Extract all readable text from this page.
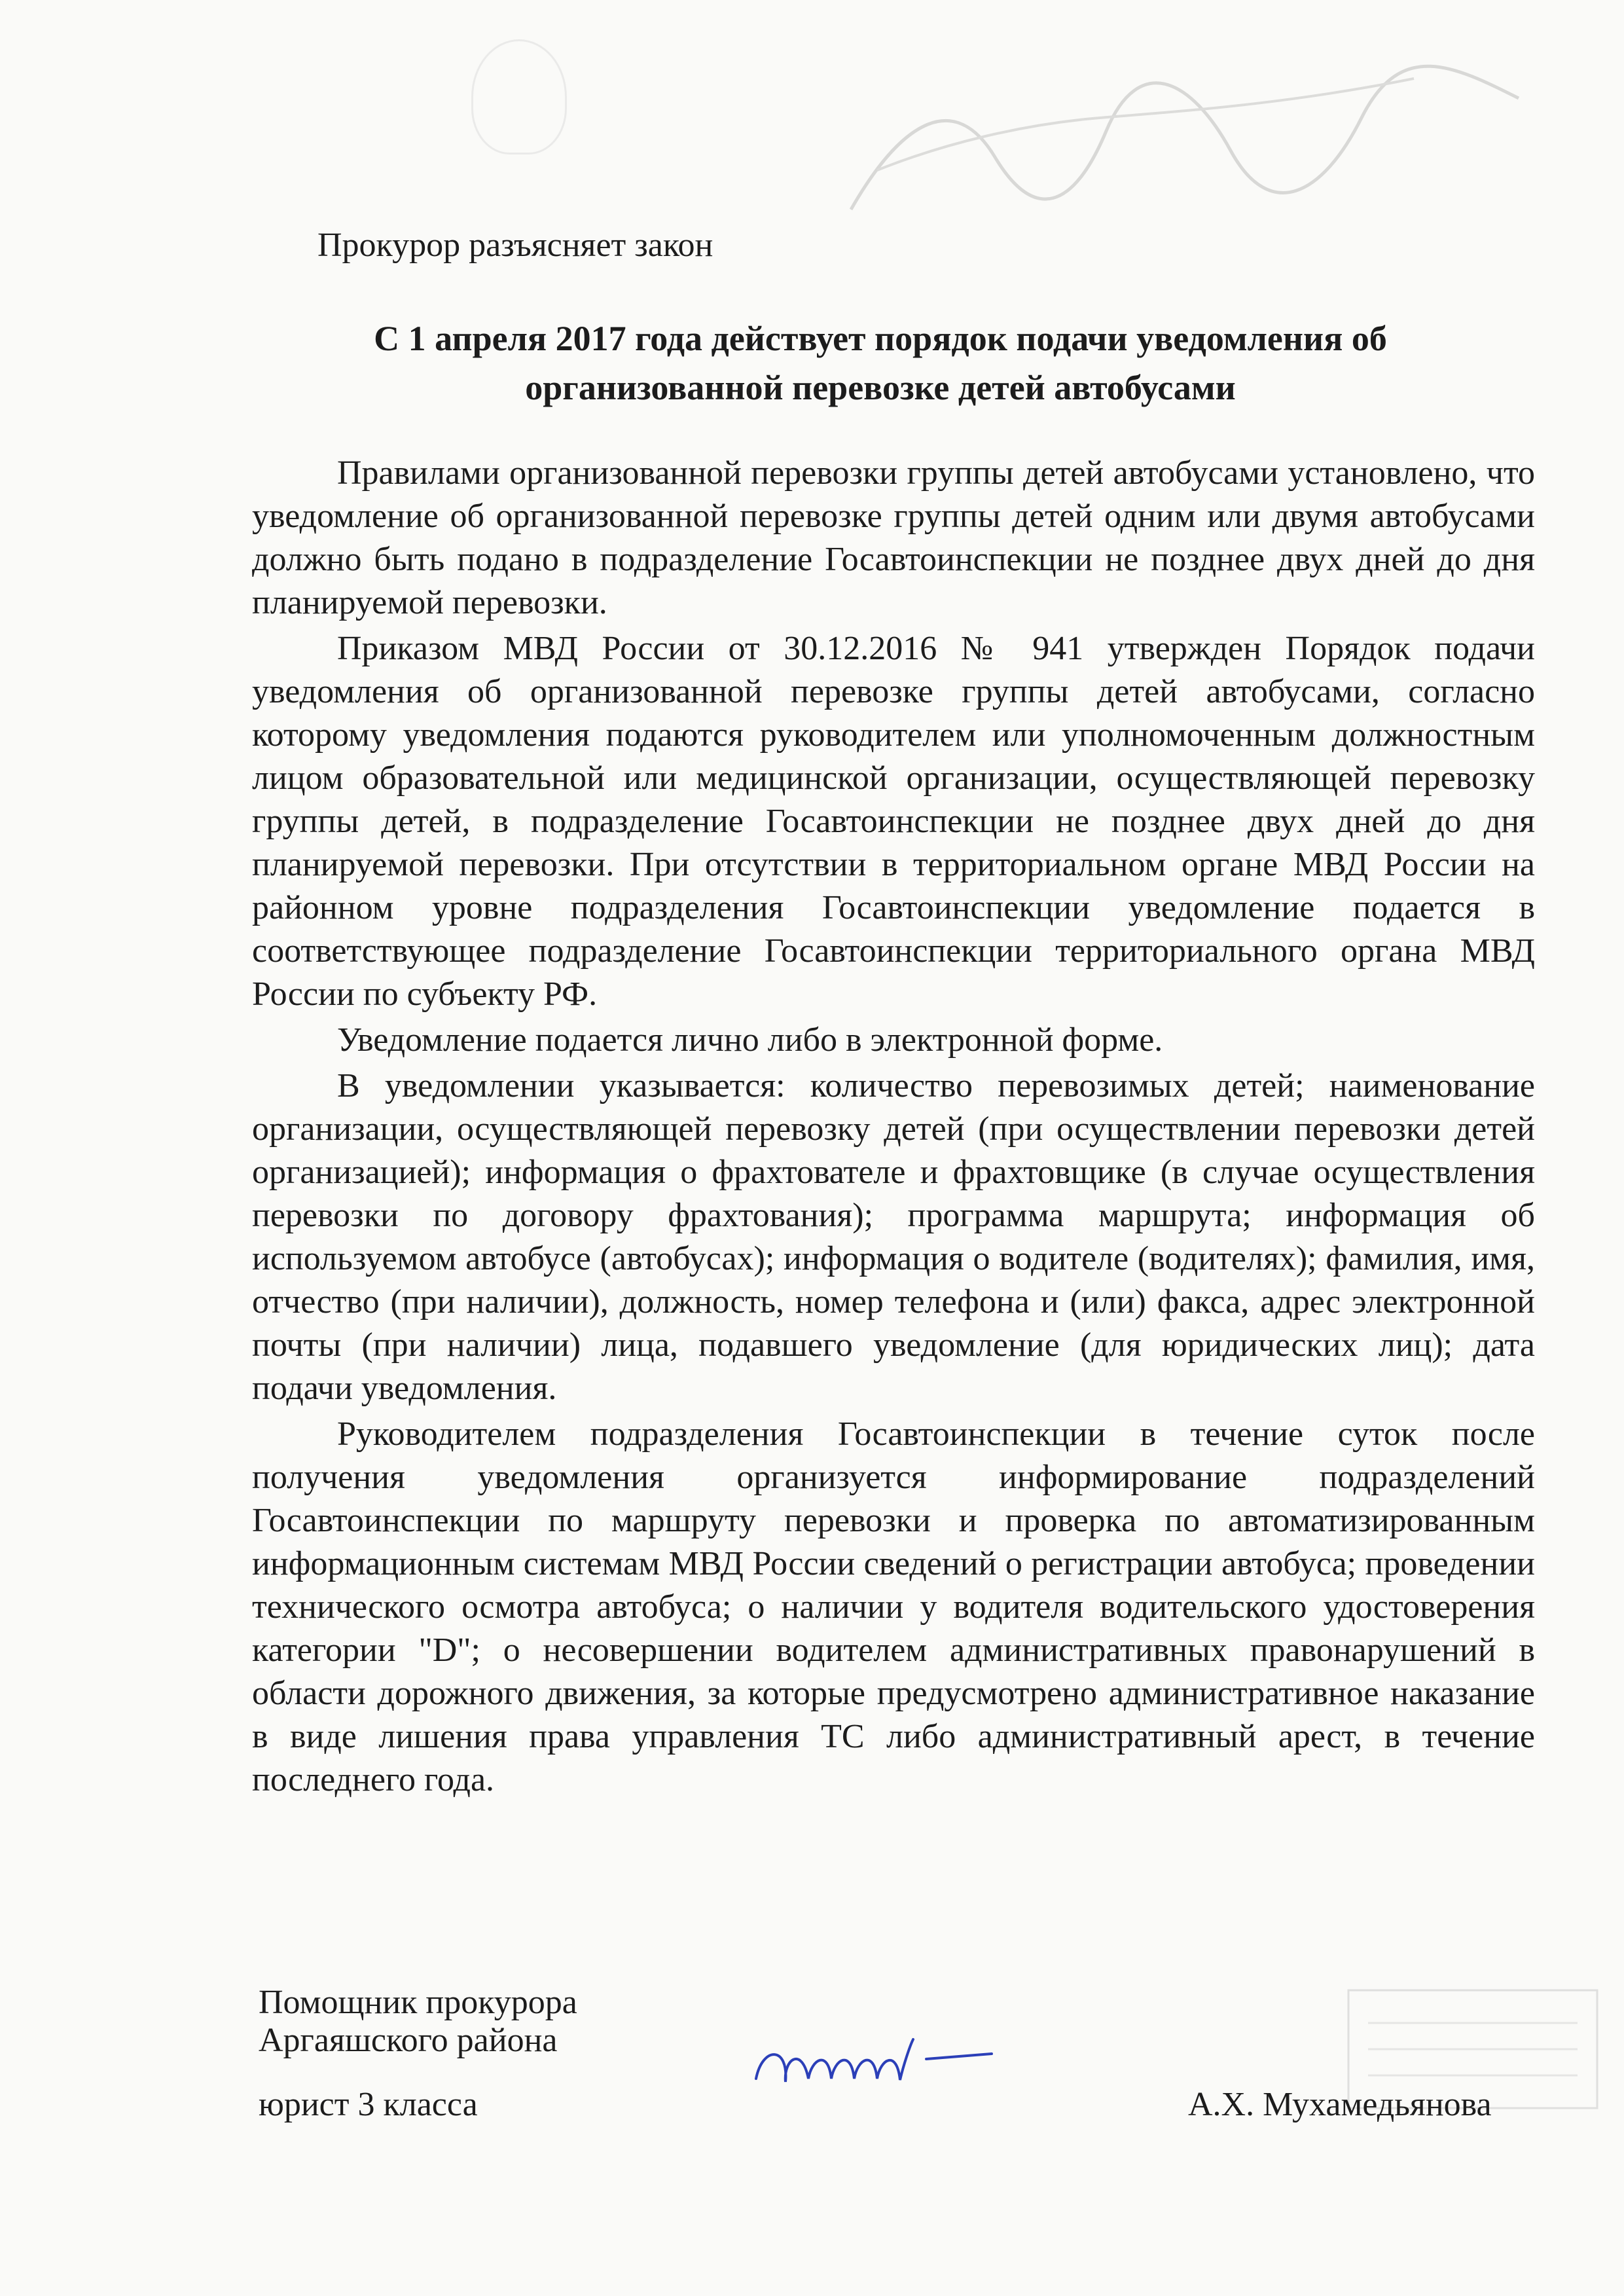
Прокурор разъясняет закон

С 1 апреля 2017 года действует порядок подачи уведомления об организованной перевозке детей автобусами

Правилами организованной перевозки группы детей автобусами установлено, что уведомление об организованной перевозке группы детей одним или двумя автобусами должно быть подано в подразделение Госавтоинспекции не позднее двух дней до дня планируемой перевозки.

Приказом МВД России от 30.12.2016 № 941 утвержден Порядок подачи уведомления об организованной перевозке группы детей автобусами, согласно которому уведомления подаются руководителем или уполномоченным должностным лицом образовательной или медицинской организации, осуществляющей перевозку группы детей, в подразделение Госавтоинспекции не позднее двух дней до дня планируемой перевозки. При отсутствии в территориальном органе МВД России на районном уровне подразделения Госавтоинспекции уведомление подается в соответствующее подразделение Госавтоинспекции территориального органа МВД России по субъекту РФ.

Уведомление подается лично либо в электронной форме.

В уведомлении указывается: количество перевозимых детей; наименование организации, осуществляющей перевозку детей (при осуществлении перевозки детей организацией); информация о фрахтователе и фрахтовщике (в случае осуществления перевозки по договору фрахтования); программа маршрута; информация об используемом автобусе (автобусах); информация о водителе (водителях); фамилия, имя, отчество (при наличии), должность, номер телефона и (или) факса, адрес электронной почты (при наличии) лица, подавшего уведомление (для юридических лиц); дата подачи уведомления.

Руководителем подразделения Госавтоинспекции в течение суток после получения уведомления организуется информирование подразделений Госавтоинспекции по маршруту перевозки и проверка по автоматизированным информационным системам МВД России сведений о регистрации автобуса; проведении технического осмотра автобуса; о наличии у водителя водительского удостоверения категории "D"; о несовершении водителем административных правонарушений в области дорожного движения, за которые предусмотрено административное наказание в виде лишения права управления ТС либо административный арест, в течение последнего года.

Помощник прокурора
Аргаяшского района
юрист 3 класса	А.Х. Мухамедьянова
